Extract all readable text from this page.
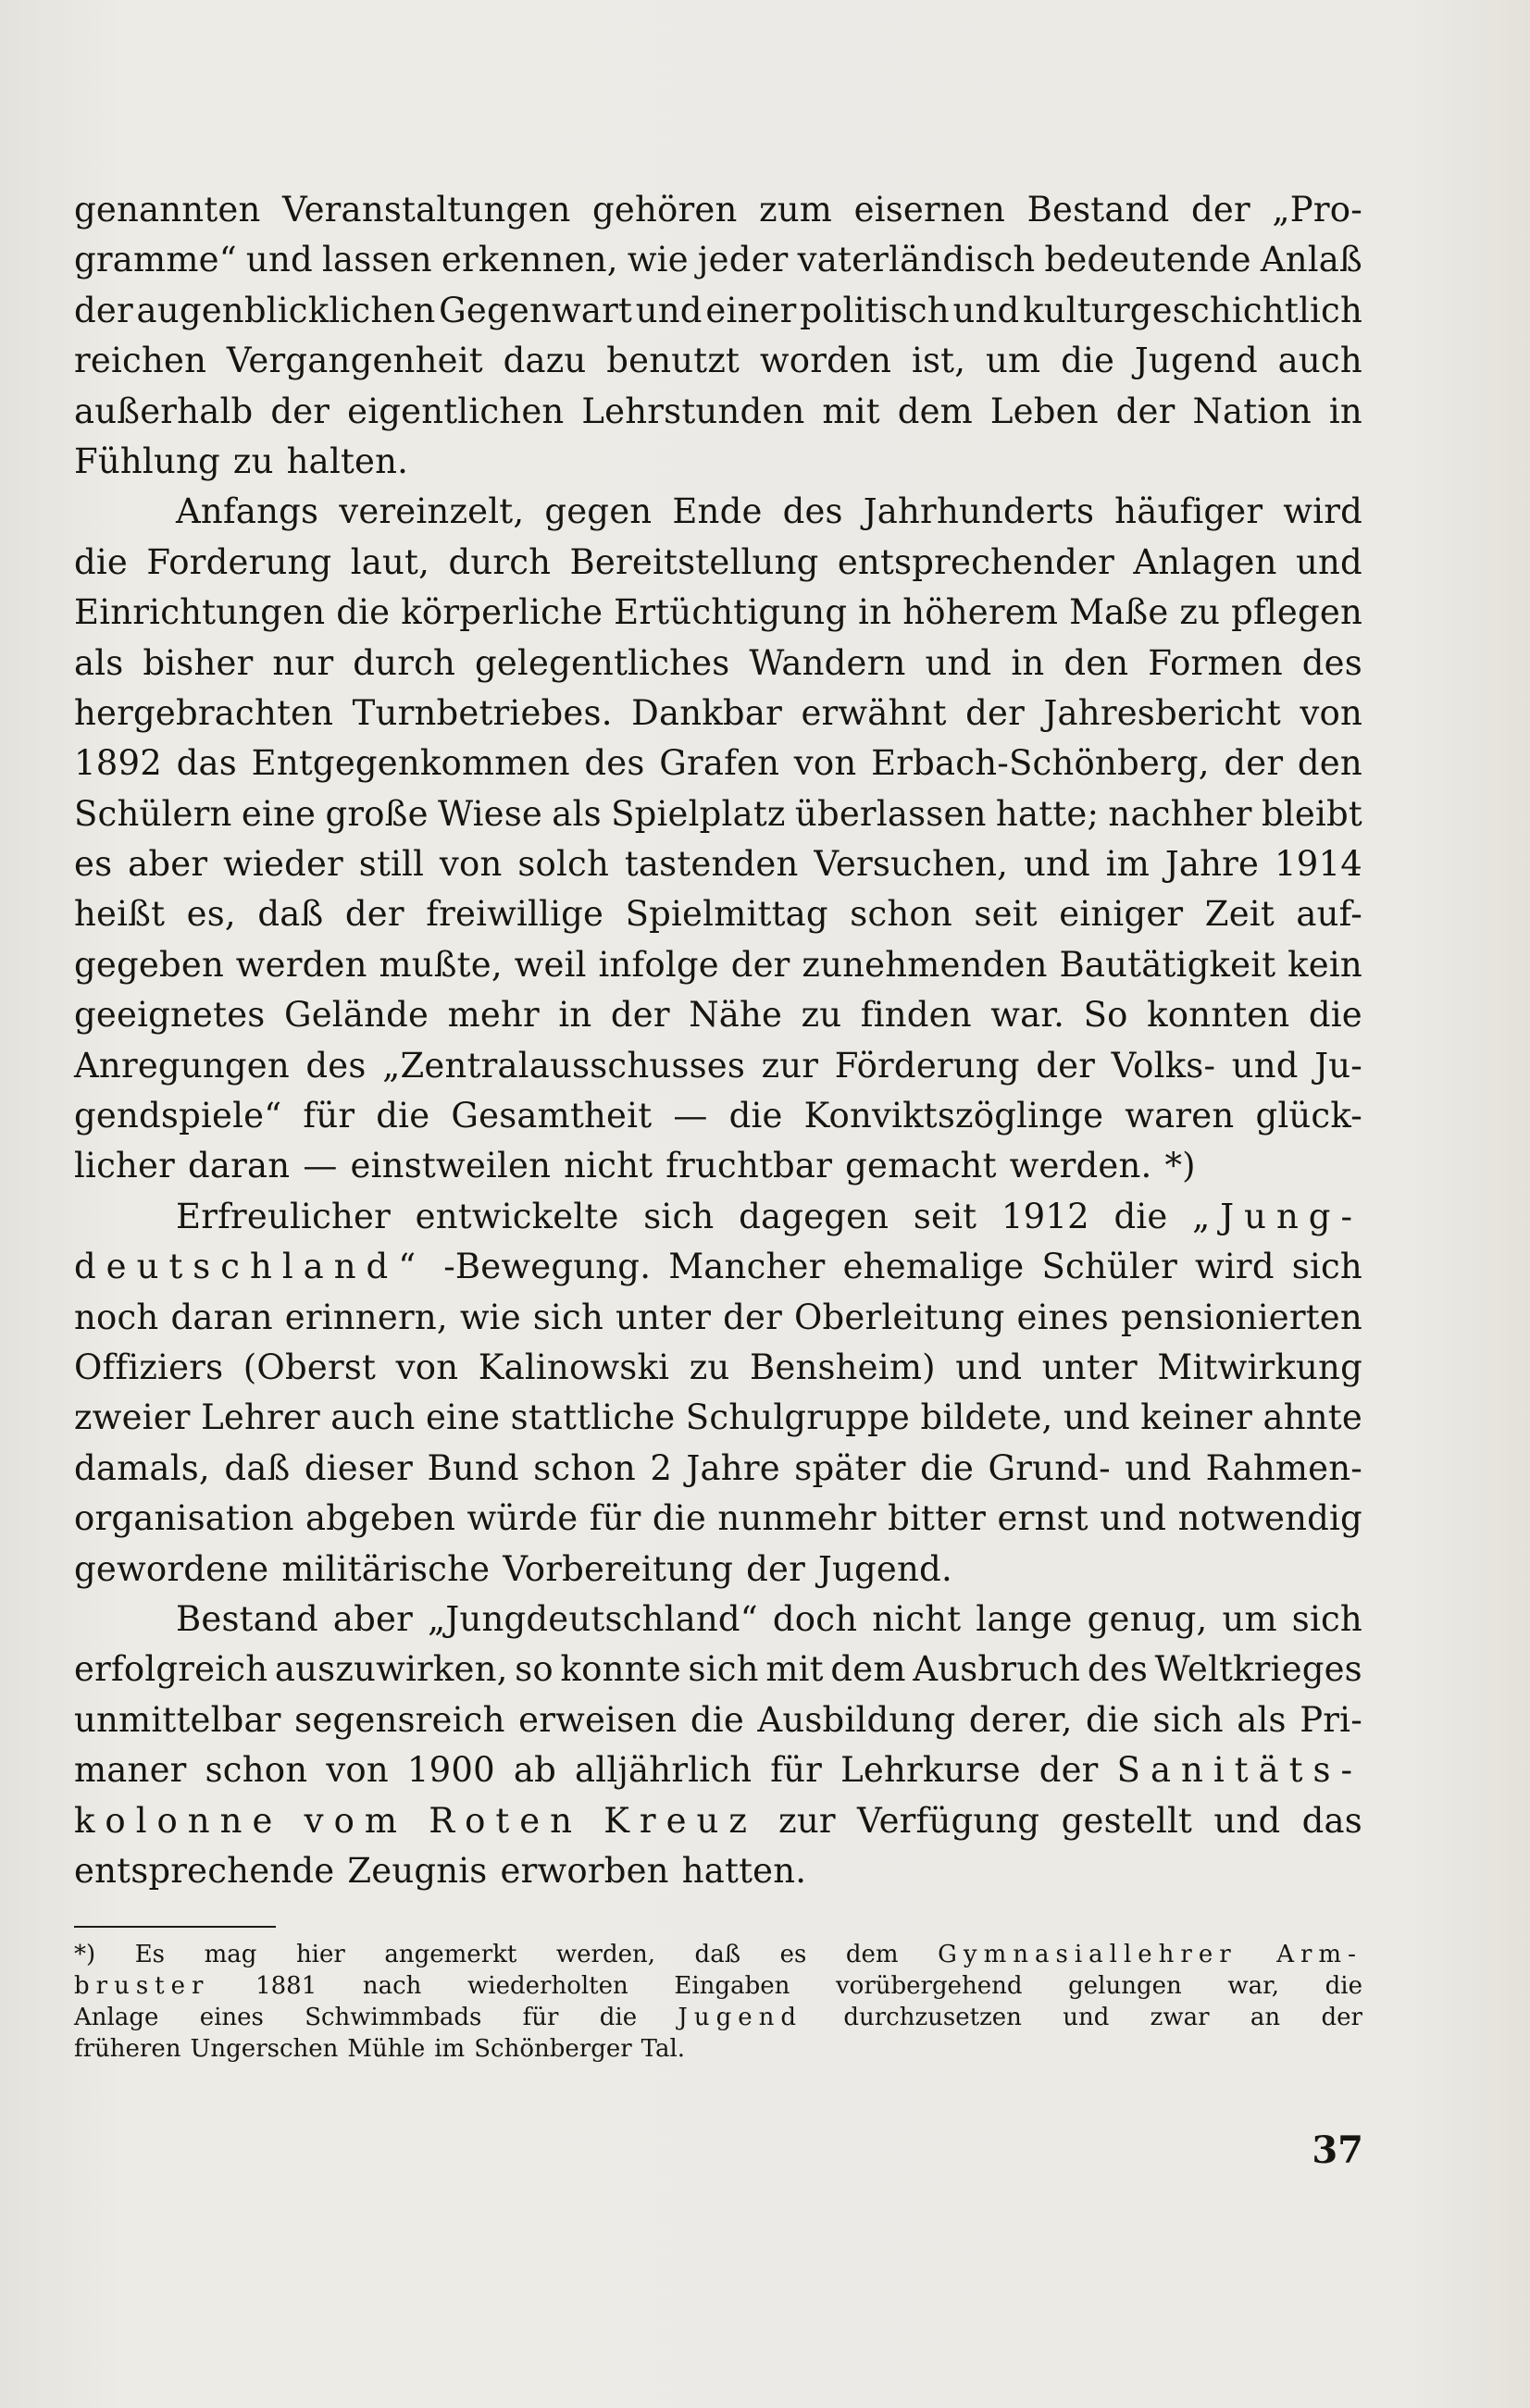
genannten Veranstaltungen gehören zum eisernen Bestand der „Pro-
gramme“ und lassen erkennen, wie jeder vaterländisch bedeutende Anlaß
der augenblicklichen Gegenwart und einer politisch und kulturgeschichtlich
reichen Vergangenheit dazu benutzt worden ist, um die Jugend auch
außerhalb der eigentlichen Lehrstunden mit dem Leben der Nation in
Fühlung zu halten.
Anfangs vereinzelt, gegen Ende des Jahrhunderts häufiger wird
die Forderung laut, durch Bereitstellung entsprechender Anlagen und
Einrichtungen die körperliche Ertüchtigung in höherem Maße zu pflegen
als bisher nur durch gelegentliches Wandern und in den Formen des
hergebrachten Turnbetriebes. Dankbar erwähnt der Jahresbericht von
1892 das Entgegenkommen des Grafen von Erbach-Schönberg, der den
Schülern eine große Wiese als Spielplatz überlassen hatte; nachher bleibt
es aber wieder still von solch tastenden Versuchen, und im Jahre 1914
heißt es, daß der freiwillige Spielmittag schon seit einiger Zeit auf-
gegeben werden mußte, weil infolge der zunehmenden Bautätigkeit kein
geeignetes Gelände mehr in der Nähe zu finden war. So konnten die
Anregungen des „Zentralausschusses zur Förderung der Volks- und Ju-
gendspiele“ für die Gesamtheit — die Konviktszöglinge waren glück-
licher daran — einstweilen nicht fruchtbar gemacht werden. *)
Erfreulicher entwickelte sich dagegen seit 1912 die „Jung-
deutschland“ -Bewegung. Mancher ehemalige Schüler wird sich
noch daran erinnern, wie sich unter der Oberleitung eines pensionierten
Offiziers (Oberst von Kalinowski zu Bensheim) und unter Mitwirkung
zweier Lehrer auch eine stattliche Schulgruppe bildete, und keiner ahnte
damals, daß dieser Bund schon 2 Jahre später die Grund- und Rahmen-
organisation abgeben würde für die nunmehr bitter ernst und notwendig
gewordene militärische Vorbereitung der Jugend.
Bestand aber „Jungdeutschland“ doch nicht lange genug, um sich
erfolgreich auszuwirken, so konnte sich mit dem Ausbruch des Weltkrieges
unmittelbar segensreich erweisen die Ausbildung derer, die sich als Pri-
maner schon von 1900 ab alljährlich für Lehrkurse der Sanitäts-
kolonne vom Roten Kreuz zur Verfügung gestellt und das
entsprechende Zeugnis erworben hatten.
*) Es mag hier angemerkt werden, daß es dem Gymnasiallehrer Arm-
bruster 1881 nach wiederholten Eingaben vorübergehend gelungen war, die
Anlage eines Schwimmbads für die Jugend durchzusetzen und zwar an der
früheren Ungerschen Mühle im Schönberger Tal.
37
